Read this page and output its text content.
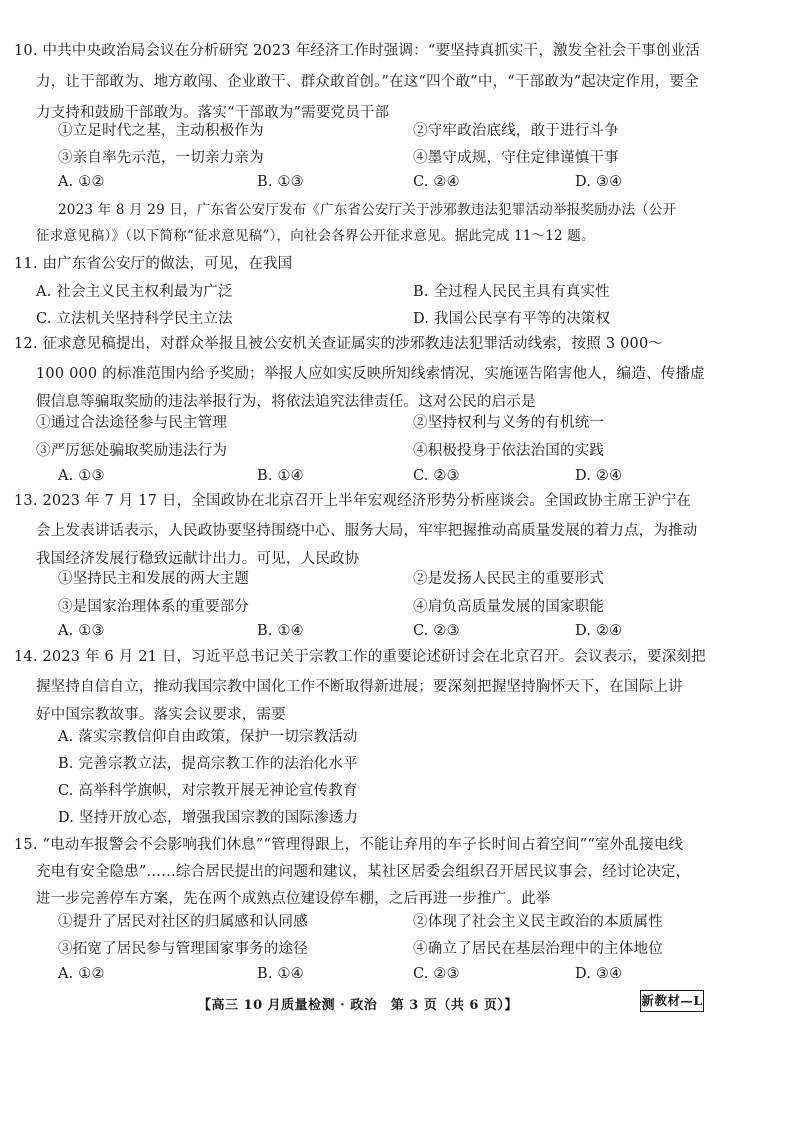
10. 中共中央政治局会议在分析研究 2023 年经济工作时强调：“要坚持真抓实干，激发全社会干事创业活
力，让干部敢为、地方敢闯、企业敢干、群众敢首创。”在这“四个敢”中，“干部敢为”起决定作用，要全
力支持和鼓励干部敢为。落实“干部敢为”需要党员干部
①立足时代之基，主动积极作为	②守牢政治底线，敢于进行斗争
③亲自率先示范，一切亲力亲为	④墨守成规，守住定律谨慎干事
A. ①②	B. ①③	C. ②④	D. ③④
2023 年 8 月 29 日，广东省公安厅发布《广东省公安厅关于涉邪教违法犯罪活动举报奖励办法（公开
征求意见稿）》（以下简称“征求意见稿”），向社会各界公开征求意见。据此完成 11～12 题。
11. 由广东省公安厅的做法，可见，在我国
A. 社会主义民主权利最为广泛	B. 全过程人民民主具有真实性
C. 立法机关坚持科学民主立法	D. 我国公民享有平等的决策权
12. 征求意见稿提出，对群众举报且被公安机关查证属实的涉邪教违法犯罪活动线索，按照 3 000～
100 000 的标准范围内给予奖励；举报人应如实反映所知线索情况，实施诬告陷害他人，编造、传播虚
假信息等骗取奖励的违法举报行为，将依法追究法律责任。这对公民的启示是
①通过合法途径参与民主管理	②坚持权利与义务的有机统一
③严厉惩处骗取奖励违法行为	④积极投身于依法治国的实践
A. ①③	B. ①④	C. ②③	D. ②④
13. 2023 年 7 月 17 日，全国政协在北京召开上半年宏观经济形势分析座谈会。全国政协主席王沪宁在
会上发表讲话表示，人民政协要坚持围绕中心、服务大局，牢牢把握推动高质量发展的着力点，为推动
我国经济发展行稳致远献计出力。可见，人民政协
①坚持民主和发展的两大主题	②是发扬人民民主的重要形式
③是国家治理体系的重要部分	④肩负高质量发展的国家职能
A. ①③	B. ①④	C. ②③	D. ②④
14. 2023 年 6 月 21 日，习近平总书记关于宗教工作的重要论述研讨会在北京召开。会议表示，要深刻把
握坚持自信自立，推动我国宗教中国化工作不断取得新进展；要深刻把握坚持胸怀天下，在国际上讲
好中国宗教故事。落实会议要求，需要
A. 落实宗教信仰自由政策，保护一切宗教活动
B. 完善宗教立法，提高宗教工作的法治化水平
C. 高举科学旗帜，对宗教开展无神论宣传教育
D. 坚持开放心态，增强我国宗教的国际渗透力
15. “电动车报警会不会影响我们休息”“管理得跟上，不能让弃用的车子长时间占着空间”“室外乱接电线
充电有安全隐患”……综合居民提出的问题和建议，某社区居委会组织召开居民议事会，经讨论决定，
进一步完善停车方案，先在两个成熟点位建设停车棚，之后再进一步推广。此举
①提升了居民对社区的归属感和认同感	②体现了社会主义民主政治的本质属性
③拓宽了居民参与管理国家事务的途径	④确立了居民在基层治理中的主体地位
A. ①②	B. ①④	C. ②③	D. ③④
【高三 10 月质量检测 · 政治　第 3 页（共 6 页）】	新教材—L
